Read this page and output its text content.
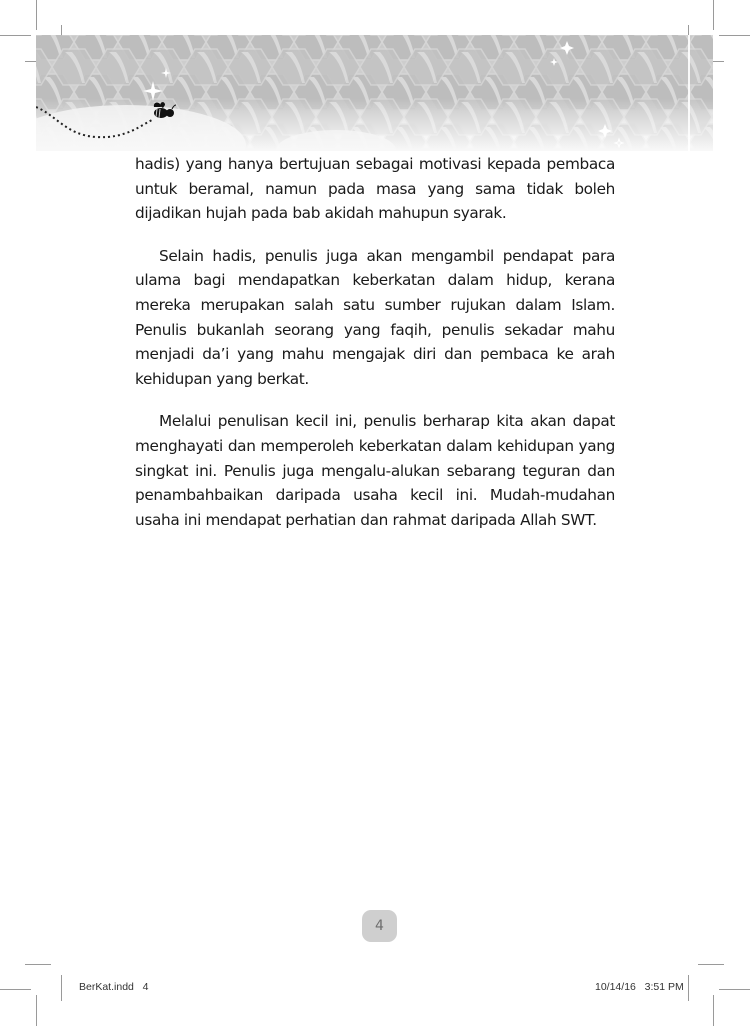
hadis) yang hanya bertujuan sebagai motivasi kepada pembaca untuk beramal, namun pada masa yang sama tidak boleh dijadikan hujah pada bab akidah mahupun syarak.

Selain hadis, penulis juga akan mengambil pendapat para ulama bagi mendapatkan keberkatan dalam hidup, kerana mereka merupakan salah satu sumber rujukan dalam Islam. Penulis bukanlah seorang yang faqih, penulis sekadar mahu menjadi da’i yang mahu mengajak diri dan pembaca ke arah kehidupan yang berkat.

Melalui penulisan kecil ini, penulis berharap kita akan dapat menghayati dan memperoleh keberkatan dalam kehidupan yang singkat ini. Penulis juga mengalu-alukan sebarang teguran dan penambahbaikan daripada usaha kecil ini. Mudah-mudahan usaha ini mendapat perhatian dan rahmat daripada Allah SWT.

4
BerKat.indd   4	10/14/16   3:51 PM
